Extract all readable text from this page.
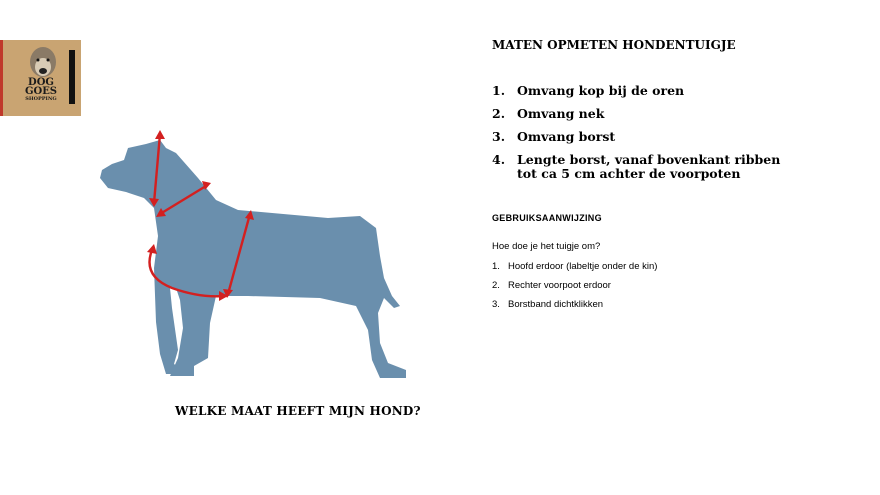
DOG
GOES
SHOPPING
WELKE MAAT HEEFT MIJN HOND?
MATEN OPMETEN HONDENTUIGJE
1. Omvang kop bij de oren
2. Omvang nek
3. Omvang borst
4. Lengte borst, vanaf bovenkant ribben tot ca 5 cm achter de voorpoten
GEBRUIKSAANWIJZING
Hoe doe je het tuigje om?
1. Hoofd erdoor (labeltje onder de kin)
2. Rechter voorpoot erdoor
3. Borstband dichtklikken
